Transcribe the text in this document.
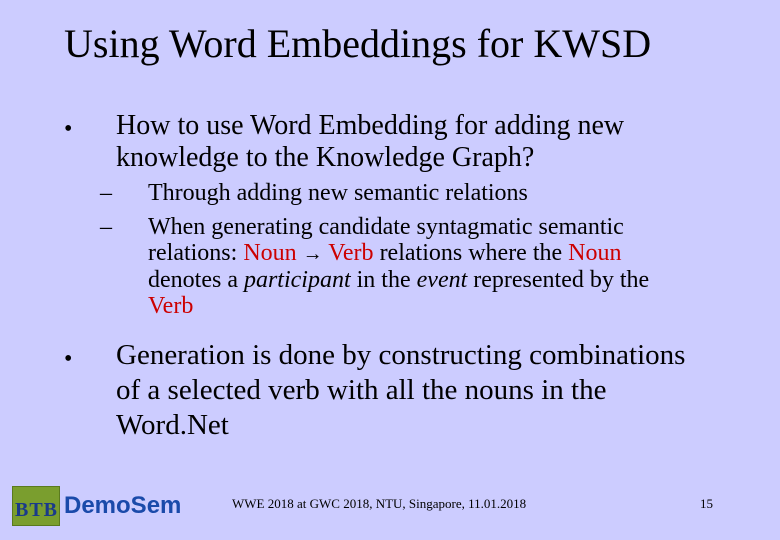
Using Word Embeddings for KWSD
• How to use Word Embedding for adding new
knowledge to the Knowledge Graph?
– Through adding new semantic relations
– When generating candidate syntagmatic semantic
relations: Noun → Verb relations where the Noun
denotes a participant in the event represented by the
Verb
• Generation is done by constructing combinations
of a selected verb with all the nouns in the
Word.Net
BTB DemoSem	WWE 2018 at GWC 2018, NTU, Singapore, 11.01.2018	15
